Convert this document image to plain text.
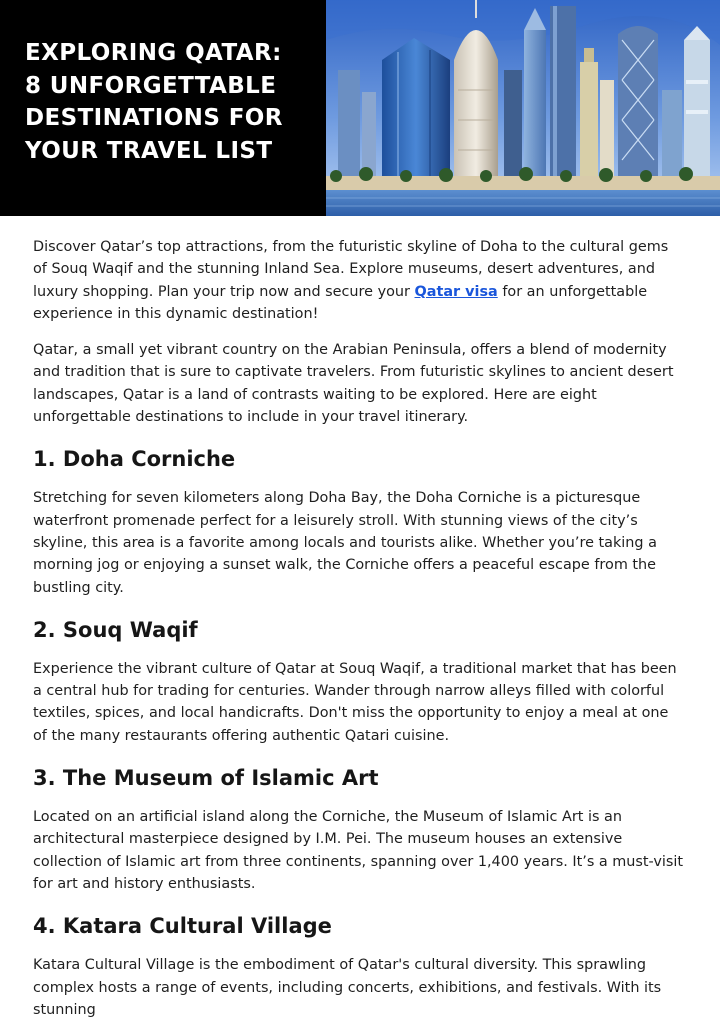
EXPLORING QATAR:
8 UNFORGETTABLE
DESTINATIONS FOR
YOUR TRAVEL LIST

Discover Qatar’s top attractions, from the futuristic skyline of Doha to the cultural gems of Souq Waqif and the stunning Inland Sea. Explore museums, desert adventures, and luxury shopping. Plan your trip now and secure your Qatar visa for an unforgettable experience in this dynamic destination!

Qatar, a small yet vibrant country on the Arabian Peninsula, offers a blend of modernity and tradition that is sure to captivate travelers. From futuristic skylines to ancient desert landscapes, Qatar is a land of contrasts waiting to be explored. Here are eight unforgettable destinations to include in your travel itinerary.

1. Doha Corniche

Stretching for seven kilometers along Doha Bay, the Doha Corniche is a picturesque waterfront promenade perfect for a leisurely stroll. With stunning views of the city’s skyline, this area is a favorite among locals and tourists alike. Whether you’re taking a morning jog or enjoying a sunset walk, the Corniche offers a peaceful escape from the bustling city.

2. Souq Waqif

Experience the vibrant culture of Qatar at Souq Waqif, a traditional market that has been a central hub for trading for centuries. Wander through narrow alleys filled with colorful textiles, spices, and local handicrafts. Don't miss the opportunity to enjoy a meal at one of the many restaurants offering authentic Qatari cuisine.

3. The Museum of Islamic Art

Located on an artificial island along the Corniche, the Museum of Islamic Art is an architectural masterpiece designed by I.M. Pei. The museum houses an extensive collection of Islamic art from three continents, spanning over 1,400 years. It’s a must-visit for art and history enthusiasts.

4. Katara Cultural Village

Katara Cultural Village is the embodiment of Qatar's cultural diversity. This sprawling complex hosts a range of events, including concerts, exhibitions, and festivals. With its stunning
